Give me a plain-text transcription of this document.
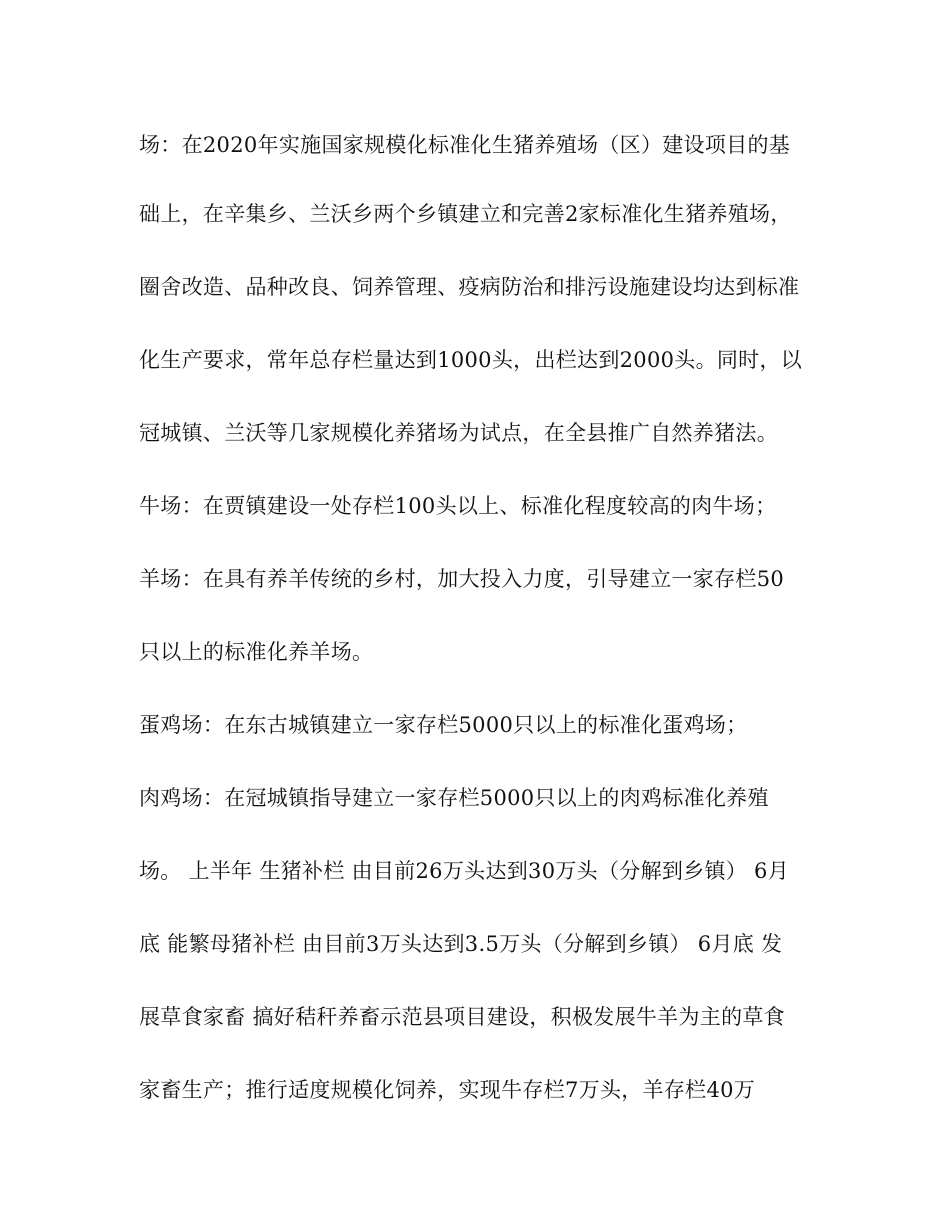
场：在2020年实施国家规模化标准化生猪养殖场（区）建设项目的基
础上，在辛集乡、兰沃乡两个乡镇建立和完善2家标准化生猪养殖场，
圈舍改造、品种改良、饲养管理、疫病防治和排污设施建设均达到标准
化生产要求，常年总存栏量达到1000头，出栏达到2000头。同时，以
冠城镇、兰沃等几家规模化养猪场为试点，在全县推广自然养猪法。
牛场：在贾镇建设一处存栏100头以上、标准化程度较高的肉牛场；
羊场：在具有养羊传统的乡村，加大投入力度，引导建立一家存栏50
只以上的标准化养羊场。
蛋鸡场：在东古城镇建立一家存栏5000只以上的标准化蛋鸡场；
肉鸡场：在冠城镇指导建立一家存栏5000只以上的肉鸡标准化养殖
场。 上半年 生猪补栏 由目前26万头达到30万头（分解到乡镇） 6月
底 能繁母猪补栏 由目前3万头达到3.5万头（分解到乡镇） 6月底 发
展草食家畜 搞好秸秆养畜示范县项目建设，积极发展牛羊为主的草食
家畜生产；推行适度规模化饲养，实现牛存栏7万头，羊存栏40万
